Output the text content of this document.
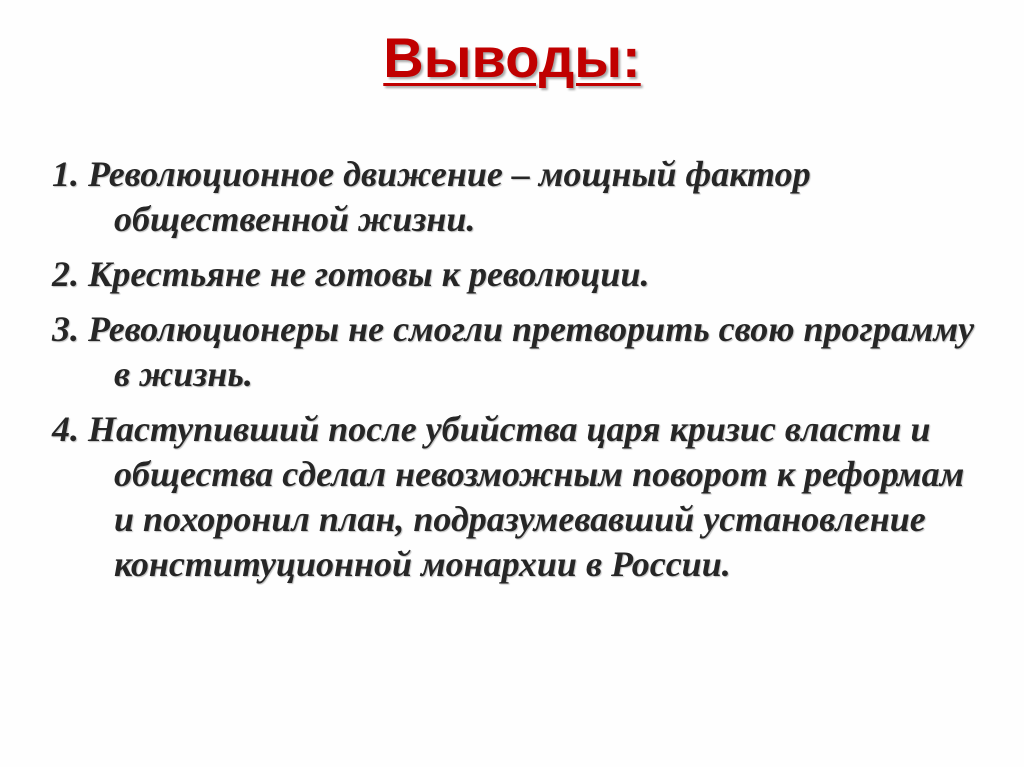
Выводы:
1. Революционное движение – мощный фактор общественной жизни.
2. Крестьяне не готовы к революции.
3. Революционеры не смогли претворить свою программу в жизнь.
4. Наступивший после убийства царя кризис власти и общества сделал невозможным поворот к реформам и похоронил план, подразумевавший установление конституционной монархии в России.
